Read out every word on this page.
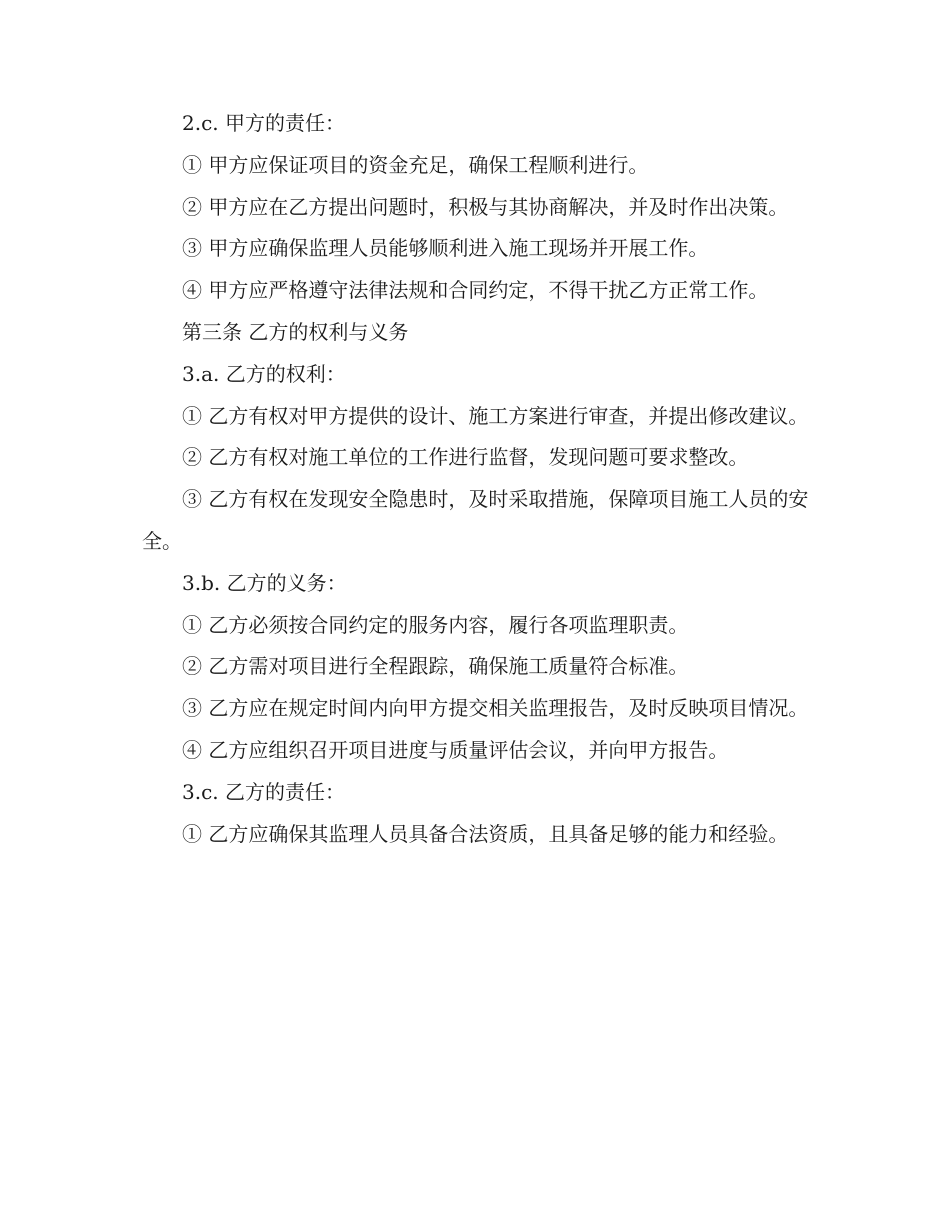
2.c. 甲方的责任：

① 甲方应保证项目的资金充足，确保工程顺利进行。

② 甲方应在乙方提出问题时，积极与其协商解决，并及时作出决策。

③ 甲方应确保监理人员能够顺利进入施工现场并开展工作。

④ 甲方应严格遵守法律法规和合同约定，不得干扰乙方正常工作。

第三条 乙方的权利与义务

3.a. 乙方的权利：

① 乙方有权对甲方提供的设计、施工方案进行审查，并提出修改建议。

② 乙方有权对施工单位的工作进行监督，发现问题可要求整改。

③ 乙方有权在发现安全隐患时，及时采取措施，保障项目施工人员的安全。

3.b. 乙方的义务：

① 乙方必须按合同约定的服务内容，履行各项监理职责。

② 乙方需对项目进行全程跟踪，确保施工质量符合标准。

③ 乙方应在规定时间内向甲方提交相关监理报告，及时反映项目情况。

④ 乙方应组织召开项目进度与质量评估会议，并向甲方报告。

3.c. 乙方的责任：

① 乙方应确保其监理人员具备合法资质，且具备足够的能力和经验。
